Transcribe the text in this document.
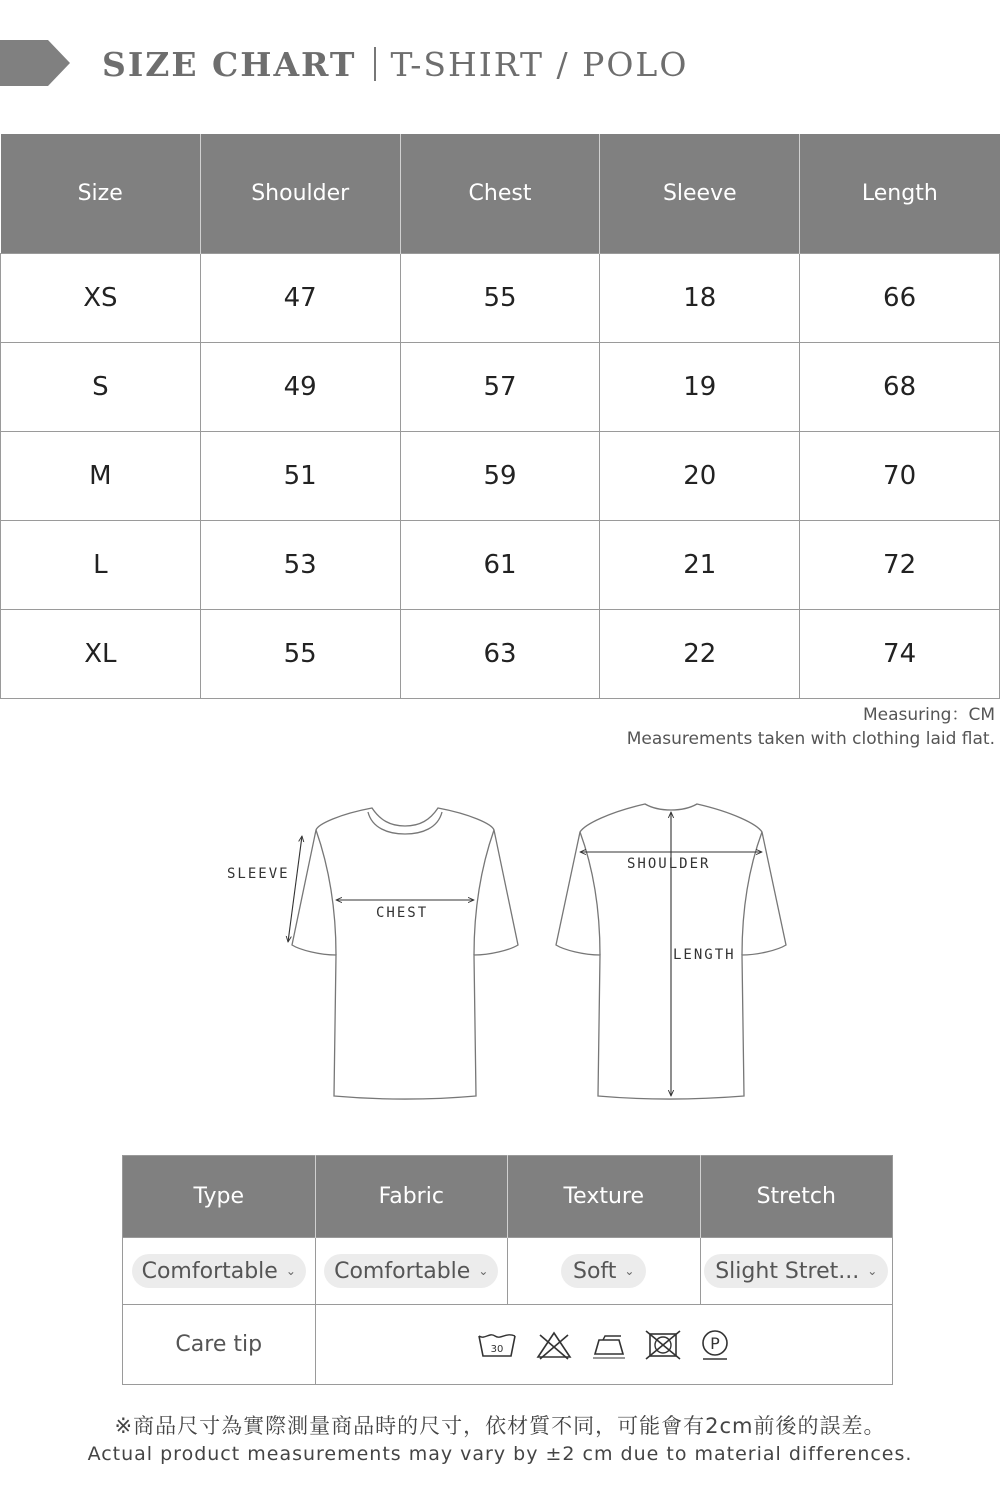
SIZE CHART T-SHIRT / POLO
Size	Shoulder	Chest	Sleeve	Length
XS	47	55	18	66
S	49	57	19	68
M	51	59	20	70
L	53	61	21	72
XL	55	63	22	74
Measuring：CM
Measurements taken with clothing laid flat.
SLEEVE
CHEST
SHOULDER
LENGTH
Type	Fabric	Texture	Stretch

Comfortable ⌄	Comfortable ⌄	Soft ⌄	Slight Stret... ⌄

Care tip	30 P		
※商品尺寸為實際測量商品時的尺寸，依材質不同，可能會有2cm前後的誤差。
Actual product measurements may vary by ±2 cm due to material differences.
